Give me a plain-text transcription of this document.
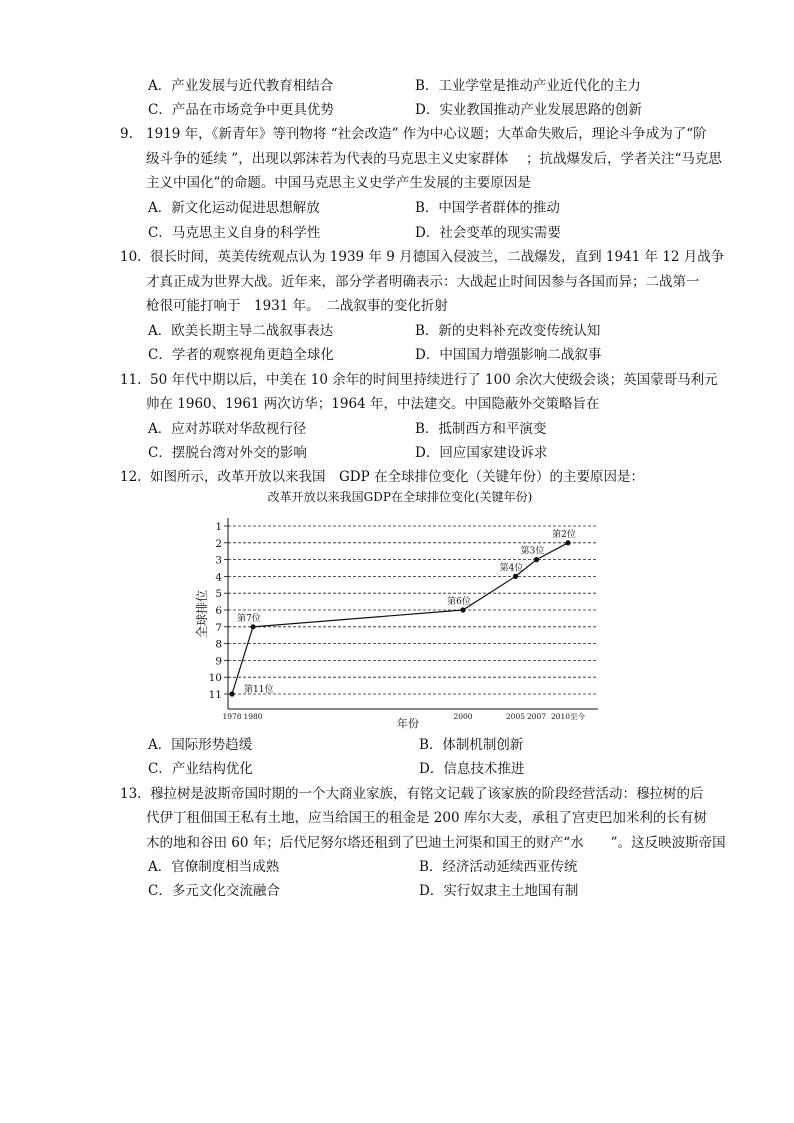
A．产业发展与近代教育相结合	B．工业学堂是推动产业近代化的主力
C．产品在市场竞争中更具优势	D．实业教国推动产业发展思路的创新
9. 1919 年，《新青年》等刊物将 “社会改造” 作为中心议题；大革命失败后，理论斗争成为了“阶
级斗争的延续 ”，出现以郭沫若为代表的马克思主义史家群体　 ；抗战爆发后，学者关注“马克思
主义中国化”的命题。中国马克思主义史学产生发展的主要原因是
A．新文化运动促进思想解放	B．中国学者群体的推动
C．马克思主义自身的科学性	D．社会变革的现实需要
10. 很长时间，英美传统观点认为 1939 年 9 月德国入侵波兰，二战爆发，直到 1941 年 12 月战争
才真正成为世界大战。近年来，部分学者明确表示：大战起止时间因参与各国而异；二战第一
枪很可能打响于　1931 年。　二战叙事的变化折射
A．欧美长期主导二战叙事表达	B．新的史料补充改变传统认知
C．学者的观察视角更趋全球化	D．中国国力增强影响二战叙事
11. 50 年代中期以后，中美在 10 余年的时间里持续进行了 100 余次大使级会谈；英国蒙哥马利元
帅在 1960、1961 两次访华；1964 年，中法建交。中国隐蔽外交策略旨在
A．应对苏联对华敌视行径	B．抵制西方和平演变
C．摆脱台湾对外交的影响	D．回应国家建设诉求
12. 如图所示，改革开放以来我国　GDP 在全球排位变化（关键年份）的主要原因是：
改革开放以来我国GDP在全球排位变化(关键年份)
1
2
3
4
5
6
7
8
9
10
11
1978 1980	2000	2005 2007 2010至今
第11位
第7位
第6位
第4位
第3位
第2位
全球排位
年份
A．国际形势趋缓	B．体制机制创新
C．产业结构优化	D．信息技术推进
13. 穆拉树是波斯帝国时期的一个大商业家族，有铭文记载了该家族的阶段经营活动：穆拉树的后
代伊丁租佃国王私有土地，应当给国王的租金是 200 库尔大麦，承租了宫吏巴加米利的长有树
木的地和谷田 60 年；后代尼努尔塔还租到了巴迪土河渠和国王的财产“水　　”。这反映波斯帝国
A．官僚制度相当成熟	B．经济活动延续西亚传统
C．多元文化交流融合	D．实行奴隶主土地国有制
